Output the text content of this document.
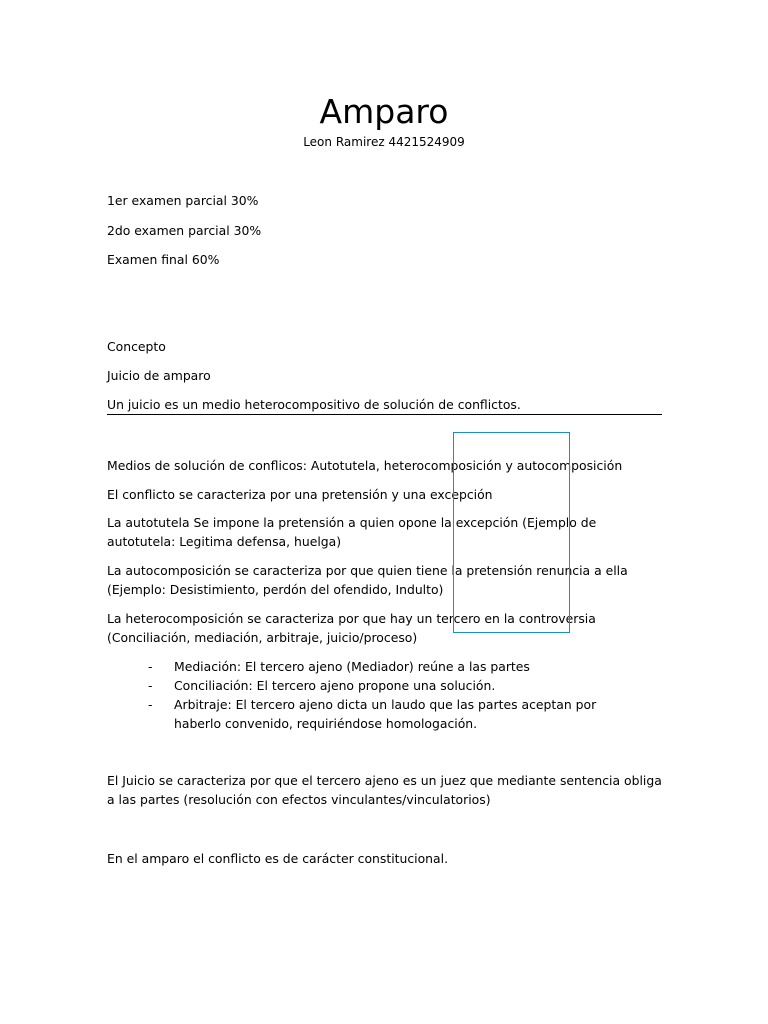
Amparo
Leon Ramirez 4421524909
1er examen parcial 30%
2do examen parcial 30%
Examen final 60%
Concepto
Juicio de amparo
Un juicio es un medio heterocompositivo de solución de conflictos.
Medios de solución de conflicos: Autotutela, heterocomposición y autocomposición
El conflicto se caracteriza por una pretensión y una excepción
La autotutela Se impone la pretensión a quien opone la excepción (Ejemplo de autotutela: Legitima defensa, huelga)
La autocomposición se caracteriza por que quien tiene la pretensión renuncia a ella (Ejemplo: Desistimiento, perdón del ofendido, Indulto)
La heterocomposición se caracteriza por que hay un tercero en la controversia (Conciliación, mediación, arbitraje, juicio/proceso)
- Mediación: El tercero ajeno (Mediador) reúne a las partes
- Conciliación: El tercero ajeno propone una solución.
- Arbitraje: El tercero ajeno dicta un laudo que las partes aceptan por haberlo convenido, requiriéndose homologación.
El Juicio se caracteriza por que el tercero ajeno es un juez que mediante sentencia obliga a las partes (resolución con efectos vinculantes/vinculatorios)
En el amparo el conflicto es de carácter constitucional.
